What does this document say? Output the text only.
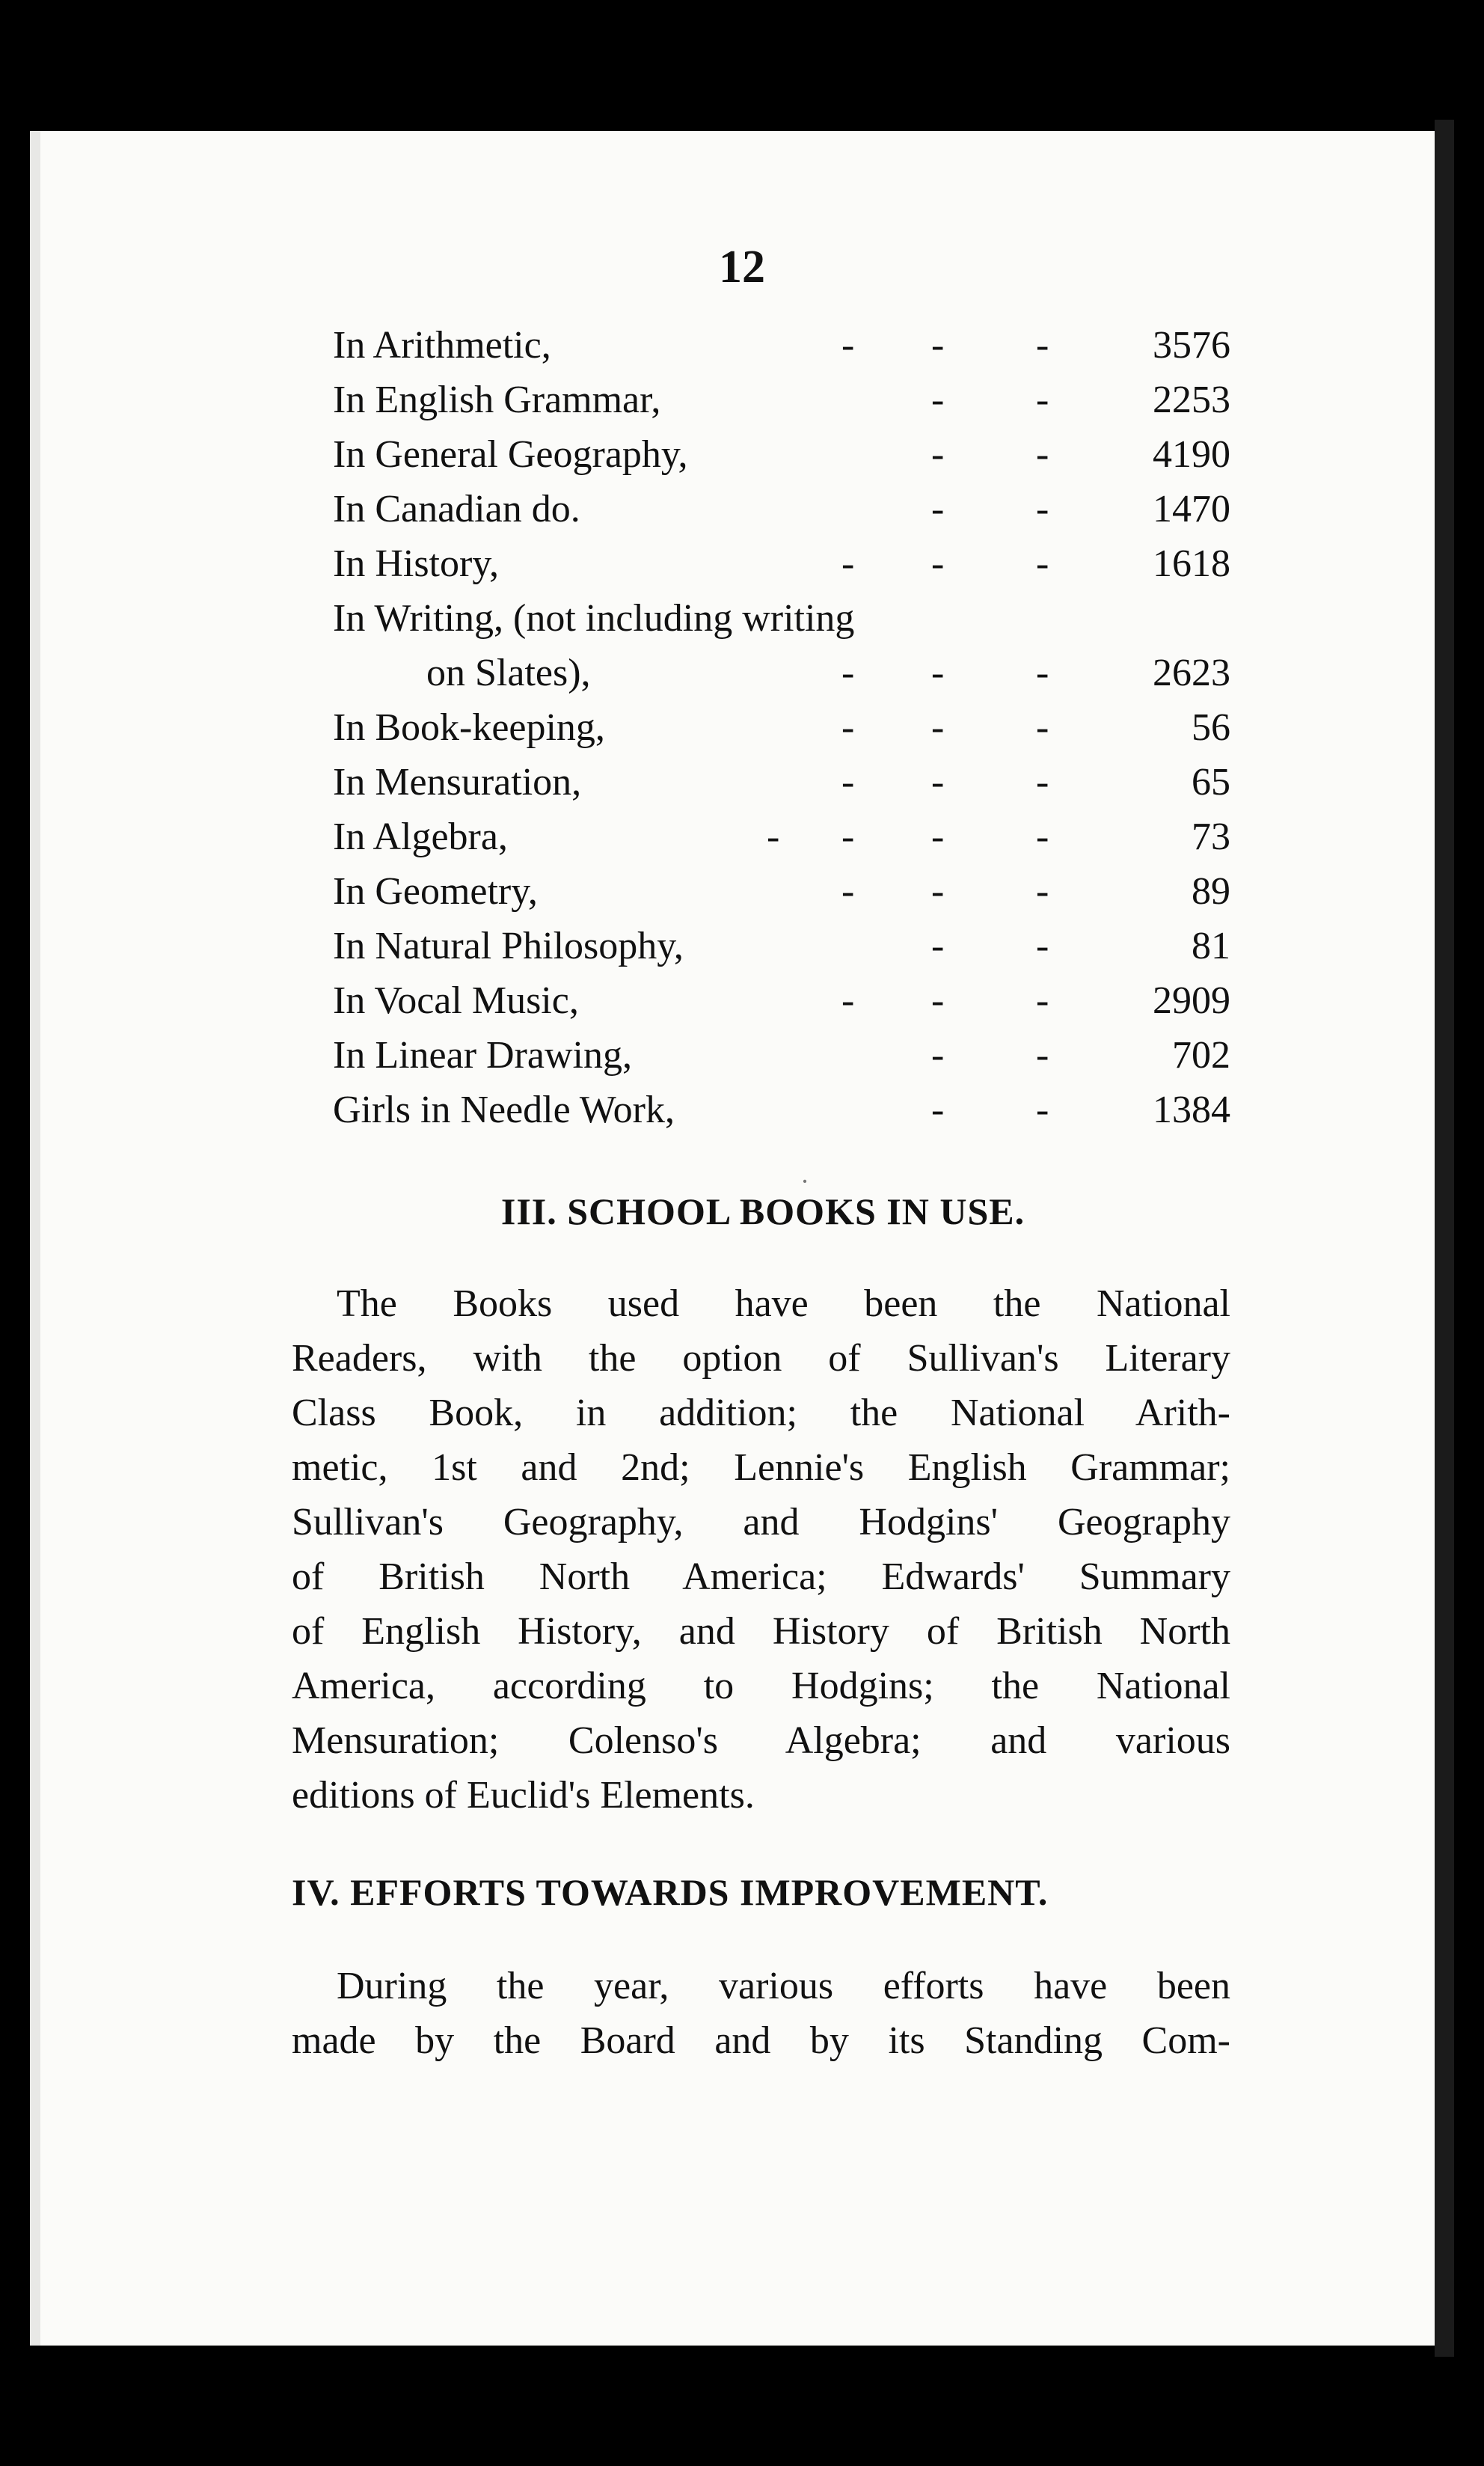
12
In Arithmetic,	- - -	3576
In English Grammar,	- -	2253
In General Geography,	- -	4190
In Canadian do.	- -	1470
In History,	- - -	1618
In Writing, (not including writing
on Slates),	- - -	2623
In Book-keeping,	- - -	56
In Mensuration,	- - -	65
In Algebra,	- - - -	73
In Geometry,	- - -	89
In Natural Philosophy,	- -	81
In Vocal Music,	- - -	2909
In Linear Drawing,	- -	702
Girls in Needle Work,	- -	1384
·
III. SCHOOL BOOKS IN USE.
The Books used have been the National
Readers, with the option of Sullivan's Literary
Class Book, in addition; the National Arith-
metic, 1st and 2nd; Lennie's English Grammar;
Sullivan's Geography, and Hodgins' Geography
of British North America; Edwards' Summary
of English History, and History of British North
America, according to Hodgins; the National
Mensuration; Colenso's Algebra; and various
editions of Euclid's Elements.
IV. EFFORTS TOWARDS IMPROVEMENT.
During the year, various efforts have been
made by the Board and by its Standing Com-
